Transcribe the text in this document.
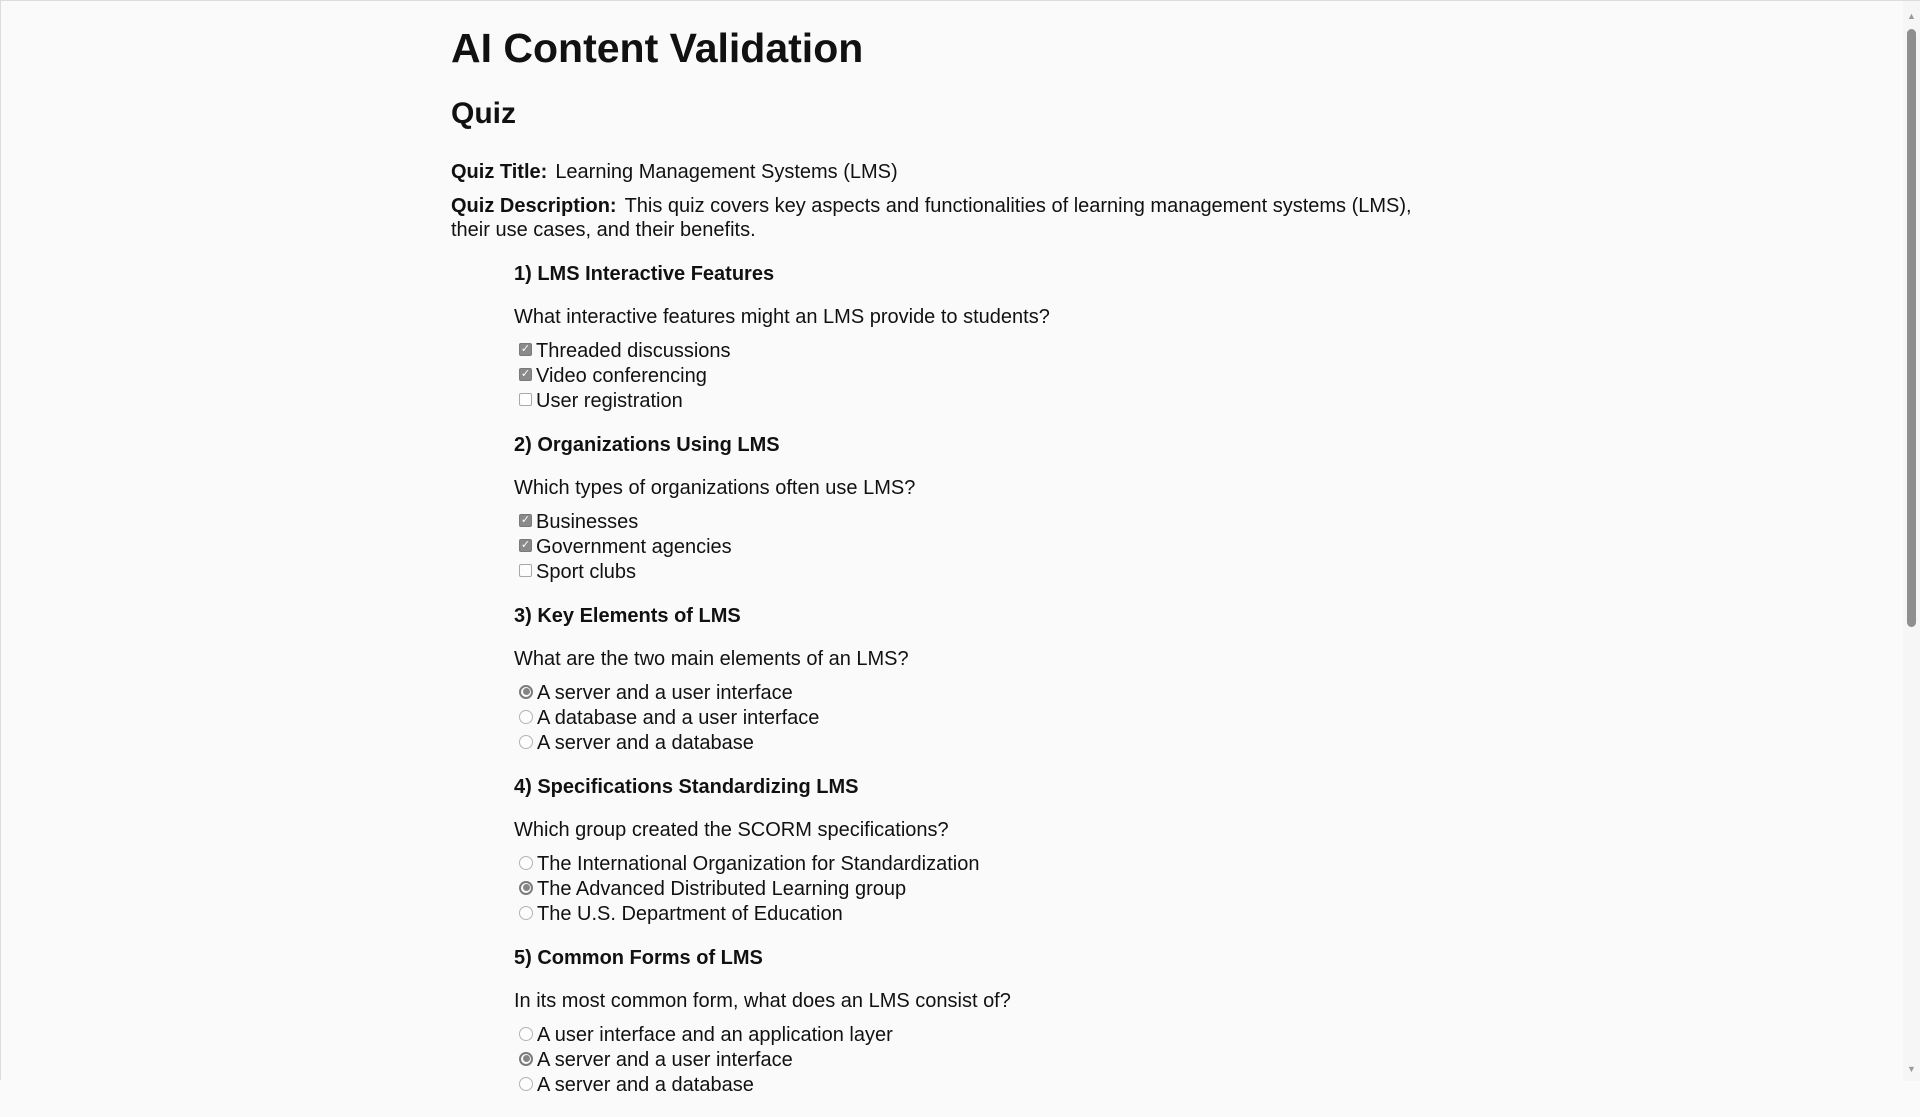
AI Content Validation
Quiz
Quiz Title: Learning Management Systems (LMS)
Quiz Description: This quiz covers key aspects and functionalities of learning management systems (LMS), their use cases, and their benefits.
1) LMS Interactive Features

What interactive features might an LMS provide to students?

✓ Threaded discussions
✓ Video conferencing
User registration
2) Organizations Using LMS

Which types of organizations often use LMS?

✓ Businesses
✓ Government agencies
Sport clubs
3) Key Elements of LMS

What are the two main elements of an LMS?

A server and a user interface
A database and a user interface
A server and a database
4) Specifications Standardizing LMS

Which group created the SCORM specifications?

The International Organization for Standardization
The Advanced Distributed Learning group
The U.S. Department of Education
5) Common Forms of LMS

In its most common form, what does an LMS consist of?

A user interface and an application layer
A server and a user interface
A server and a database
▲
▼
